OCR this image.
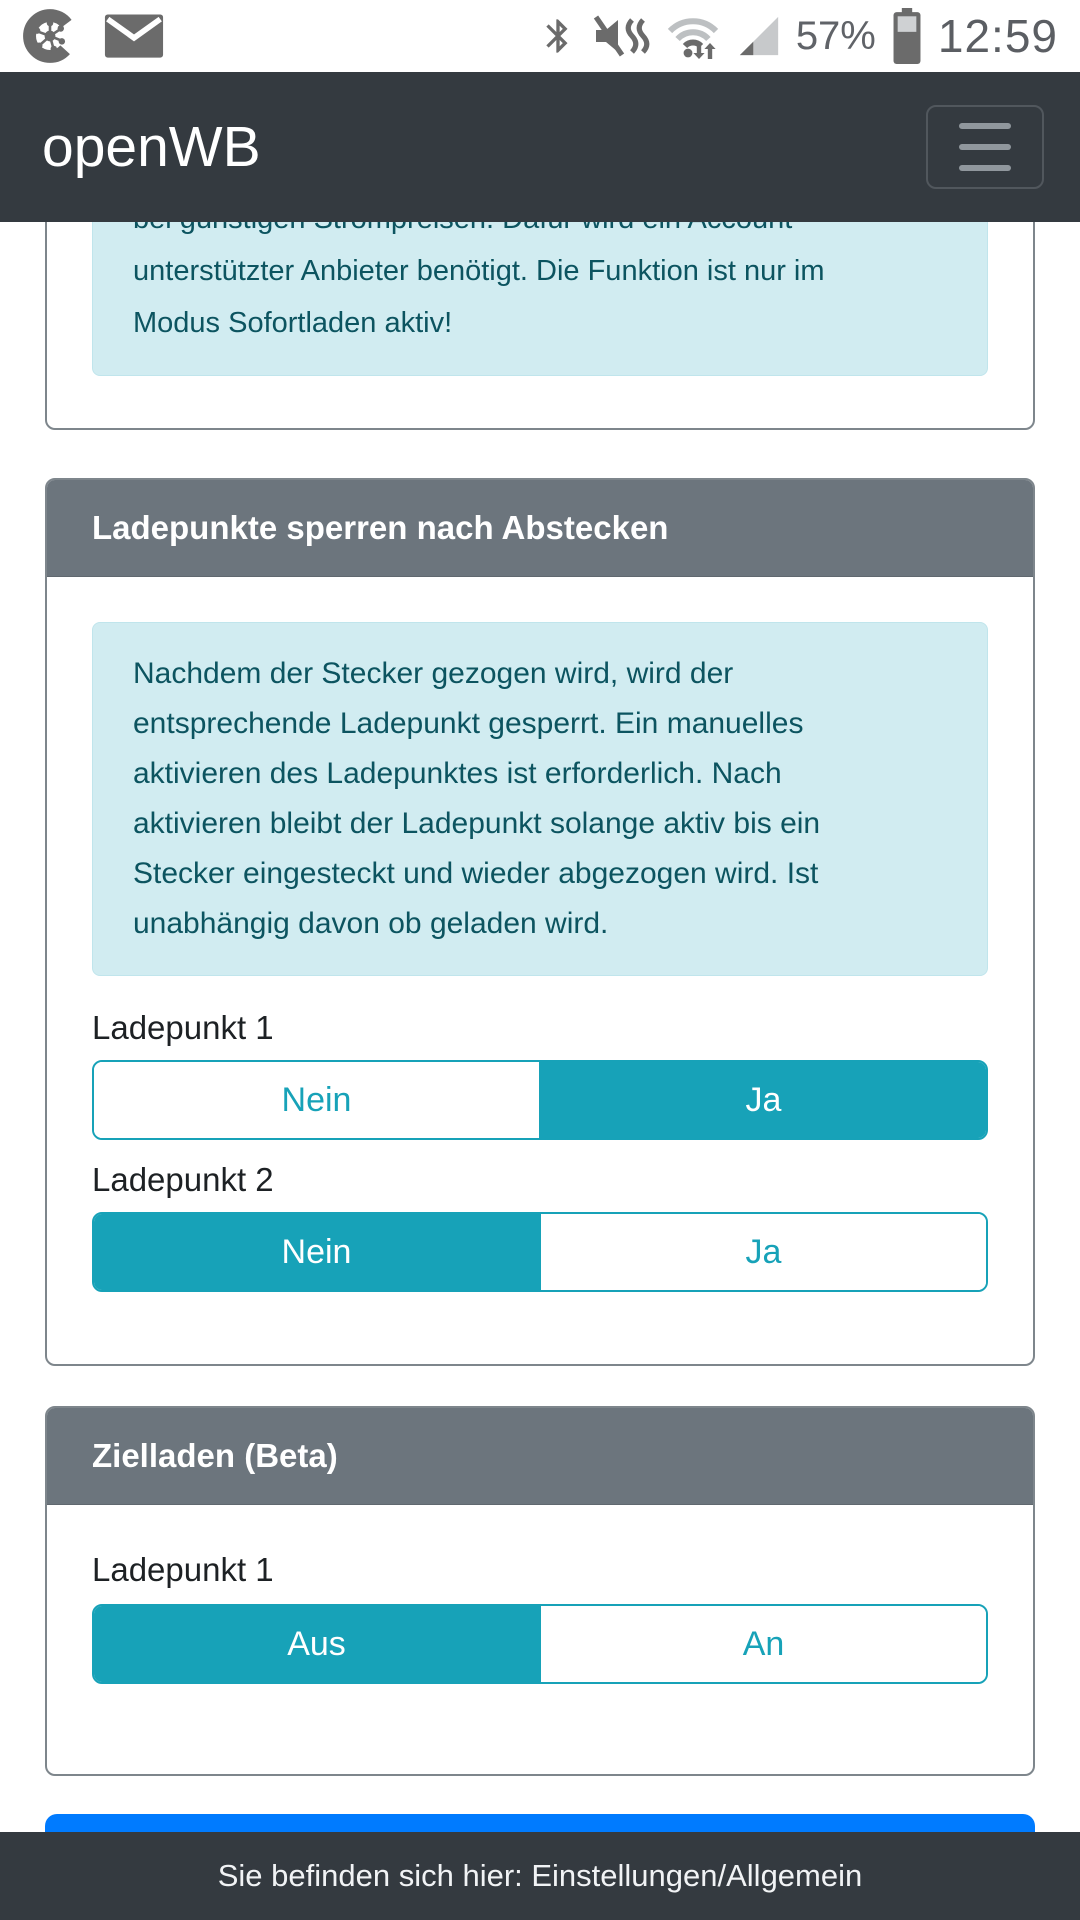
57% 12:59
openWB
unterstützter Anbieter benötigt. Die Funktion ist nur im
Modus Sofortladen aktiv!
Ladepunkte sperren nach Abstecken
Nachdem der Stecker gezogen wird, wird der
entsprechende Ladepunkt gesperrt. Ein manuelles
aktivieren des Ladepunktes ist erforderlich. Nach
aktivieren bleibt der Ladepunkt solange aktiv bis ein
Stecker eingesteckt und wieder abgezogen wird. Ist
unabhängig davon ob geladen wird.
Ladepunkt 1
Nein	Ja
Ladepunkt 2
Nein	Ja
Zielladen (Beta)
Ladepunkt 1
Aus	An
Sie befinden sich hier: Einstellungen/Allgemein
